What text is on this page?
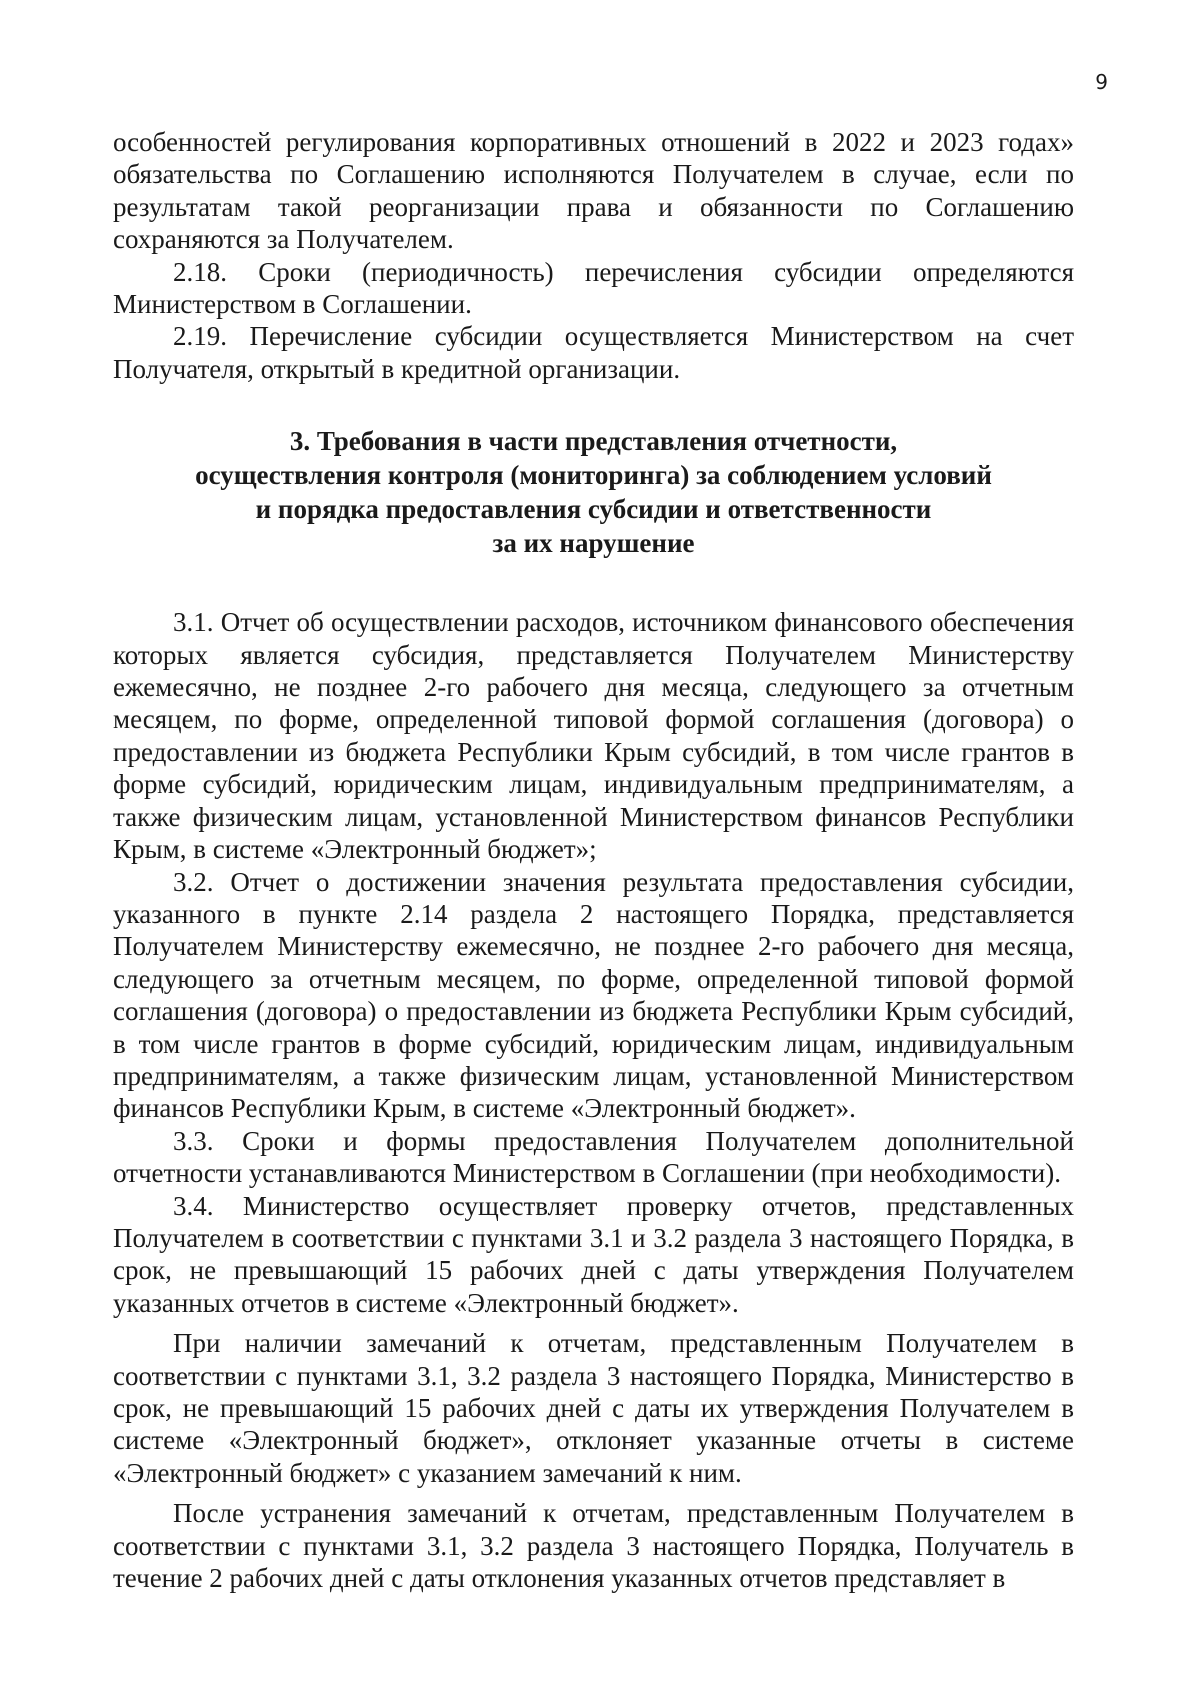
9

особенностей регулирования корпоративных отношений в 2022 и 2023 годах» обязательства по Соглашению исполняются Получателем в случае, если по результатам такой реорганизации права и обязанности по Соглашению сохраняются за Получателем.

2.18. Сроки (периодичность) перечисления субсидии определяются Министерством в Соглашении.

2.19. Перечисление субсидии осуществляется Министерством на счет Получателя, открытый в кредитной организации.

3. Требования в части представления отчетности,
осуществления контроля (мониторинга) за соблюдением условий
и порядка предоставления субсидии и ответственности
за их нарушение

3.1. Отчет об осуществлении расходов, источником финансового обеспечения которых является субсидия, представляется Получателем Министерству ежемесячно, не позднее 2-го рабочего дня месяца, следующего за отчетным месяцем, по форме, определенной типовой формой соглашения (договора) о предоставлении из бюджета Республики Крым субсидий, в том числе грантов в форме субсидий, юридическим лицам, индивидуальным предпринимателям, а также физическим лицам, установленной Министерством финансов Республики Крым, в системе «Электронный бюджет»;

3.2. Отчет о достижении значения результата предоставления субсидии, указанного в пункте 2.14 раздела 2 настоящего Порядка, представляется Получателем Министерству ежемесячно, не позднее 2-го рабочего дня месяца, следующего за отчетным месяцем, по форме, определенной типовой формой соглашения (договора) о предоставлении из бюджета Республики Крым субсидий, в том числе грантов в форме субсидий, юридическим лицам, индивидуальным предпринимателям, а также физическим лицам, установленной Министерством финансов Республики Крым, в системе «Электронный бюджет».

3.3. Сроки и формы предоставления Получателем дополнительной отчетности устанавливаются Министерством в Соглашении (при необходимости).

3.4. Министерство осуществляет проверку отчетов, представленных Получателем в соответствии с пунктами 3.1 и 3.2 раздела 3 настоящего Порядка, в срок, не превышающий 15 рабочих дней с даты утверждения Получателем указанных отчетов в системе «Электронный бюджет».

При наличии замечаний к отчетам, представленным Получателем в соответствии с пунктами 3.1, 3.2 раздела 3 настоящего Порядка, Министерство в срок, не превышающий 15 рабочих дней с даты их утверждения Получателем в системе «Электронный бюджет», отклоняет указанные отчеты в системе «Электронный бюджет» с указанием замечаний к ним.

После устранения замечаний к отчетам, представленным Получателем в соответствии с пунктами 3.1, 3.2 раздела 3 настоящего Порядка, Получатель в течение 2 рабочих дней с даты отклонения указанных отчетов представляет в
